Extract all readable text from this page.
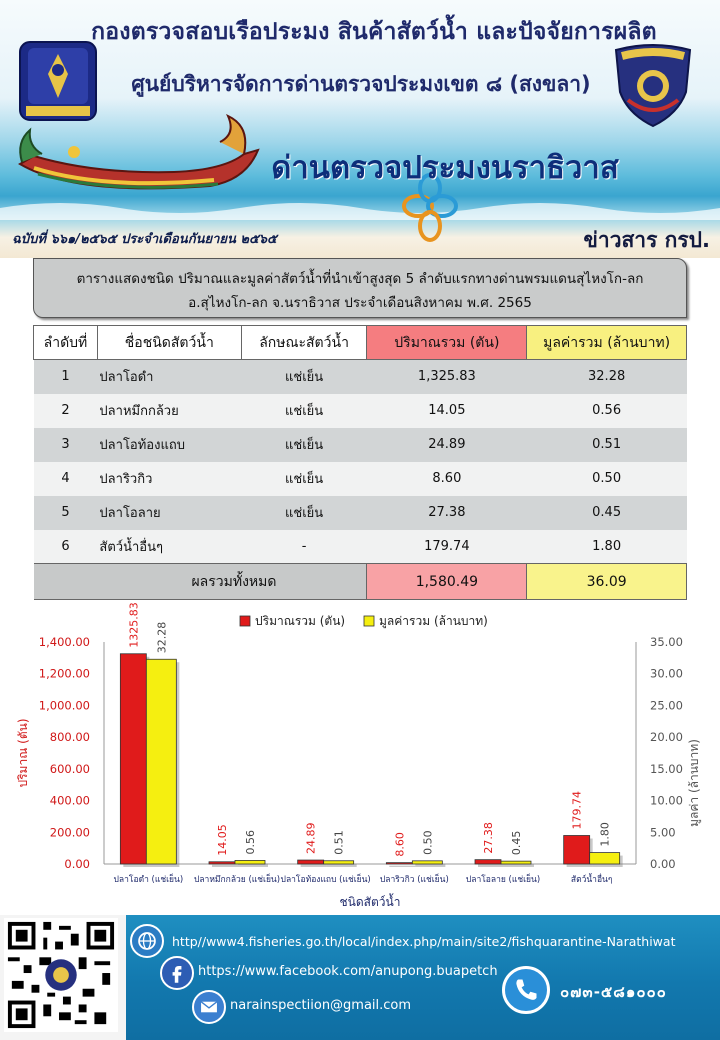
กองตรวจสอบเรือประมง สินค้าสัตว์น้ำ และปัจจัยการผลิต
ศูนย์บริหารจัดการด่านตรวจประมงเขต ๘ (สงขลา)
ด่านตรวจประมงนราธิวาส
ฉบับที่ ๖๖๑/๒๕๖๕ ประจำเดือนกันยายน ๒๕๖๕	ข่าวสาร กรป.
ตารางแสดงชนิด ปริมาณและมูลค่าสัตว์น้ำที่นำเข้าสูงสุด 5 ลำดับแรกทางด่านพรมแดนสุไหงโก-ลก
อ.สุไหงโก-ลก จ.นราธิวาส ประจำเดือนสิงหาคม พ.ศ. 2565
ลำดับที่	ชื่อชนิดสัตว์น้ำ	ลักษณะสัตว์น้ำ	ปริมาณรวม (ตัน)	มูลค่ารวม (ล้านบาท)
1	ปลาโอดำ	แช่เย็น	1,325.83	32.28
2	ปลาหมึกกล้วย	แช่เย็น	14.05	0.56
3	ปลาโอท้องแถบ	แช่เย็น	24.89	0.51
4	ปลาริวกิว	แช่เย็น	8.60	0.50
5	ปลาโอลาย	แช่เย็น	27.38	0.45
6	สัตว์น้ำอื่นๆ	-	179.74	1.80
ผลรวมทั้งหมด			1,580.49	36.09
0.00
200.00
400.00
600.00
800.00
1,000.00
1,200.00
1,400.00
0.00
5.00
10.00
15.00
20.00
25.00
30.00
35.00
ปริมาณ (ตัน)	มูลค่า (ล้านบาท)
ชนิดสัตว์น้ำ
ปริมาณรวม (ตัน)	มูลค่ารวม (ล้านบาท)
1325.83 32.28
ปลาโอดำ (แช่เย็น)
14.05 0.56
ปลาหมึกกล้วย (แช่เย็น)
24.89 0.51
ปลาโอท้องแถบ (แช่เย็น)
8.60 0.50
ปลาริวกิว (แช่เย็น)
27.38 0.45
ปลาโอลาย (แช่เย็น)
179.74
1.80
สัตว์น้ำอื่นๆ
http//www4.fisheries.go.th/local/index.php/main/site2/fishquarantine-Narathiwat
https://www.facebook.com/anupong.buapetch
narainspectiion@gmail.com
๐๗๓-๕๘๑๐๐๐
